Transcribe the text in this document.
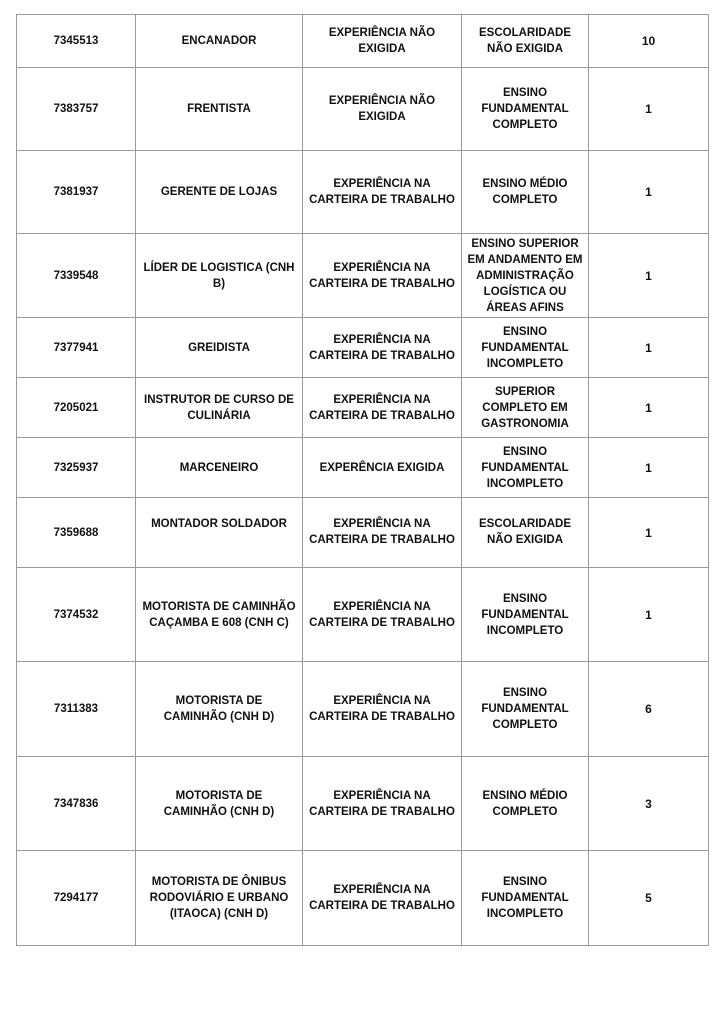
7345513	ENCANADOR	EXPERIÊNCIA NÃO EXIGIDA	ESCOLARIDADE NÃO EXIGIDA	10
7383757	FRENTISTA	EXPERIÊNCIA NÃO EXIGIDA	ENSINO FUNDAMENTAL COMPLETO	1
7381937	GERENTE DE LOJAS	EXPERIÊNCIA NA CARTEIRA DE TRABALHO	ENSINO MÉDIO COMPLETO	1
7339548	LÍDER DE LOGISTICA (CNH B)	EXPERIÊNCIA NA CARTEIRA DE TRABALHO	ENSINO SUPERIOR EM ANDAMENTO EM ADMINISTRAÇÃO LOGÍSTICA OU ÁREAS AFINS	1
7377941	GREIDISTA	EXPERIÊNCIA NA CARTEIRA DE TRABALHO	ENSINO FUNDAMENTAL INCOMPLETO	1
7205021	INSTRUTOR DE CURSO DE CULINÁRIA	EXPERIÊNCIA NA CARTEIRA DE TRABALHO	SUPERIOR COMPLETO EM GASTRONOMIA	1
7325937	MARCENEIRO	EXPERÊNCIA EXIGIDA	ENSINO FUNDAMENTAL INCOMPLETO	1
7359688	MONTADOR SOLDADOR	EXPERIÊNCIA NA CARTEIRA DE TRABALHO	ESCOLARIDADE NÃO EXIGIDA	1
7374532	MOTORISTA DE CAMINHÃO CAÇAMBA E 608 (CNH C)	EXPERIÊNCIA NA CARTEIRA DE TRABALHO	ENSINO FUNDAMENTAL INCOMPLETO	1
7311383	MOTORISTA DE CAMINHÃO (CNH D)	EXPERIÊNCIA NA CARTEIRA DE TRABALHO	ENSINO FUNDAMENTAL COMPLETO	6
7347836	MOTORISTA DE CAMINHÃO (CNH D)	EXPERIÊNCIA NA CARTEIRA DE TRABALHO	ENSINO MÉDIO COMPLETO	3
7294177	MOTORISTA DE ÔNIBUS RODOVIÁRIO E URBANO (ITAOCA) (CNH D)	EXPERIÊNCIA NA CARTEIRA DE TRABALHO	ENSINO FUNDAMENTAL INCOMPLETO	5
